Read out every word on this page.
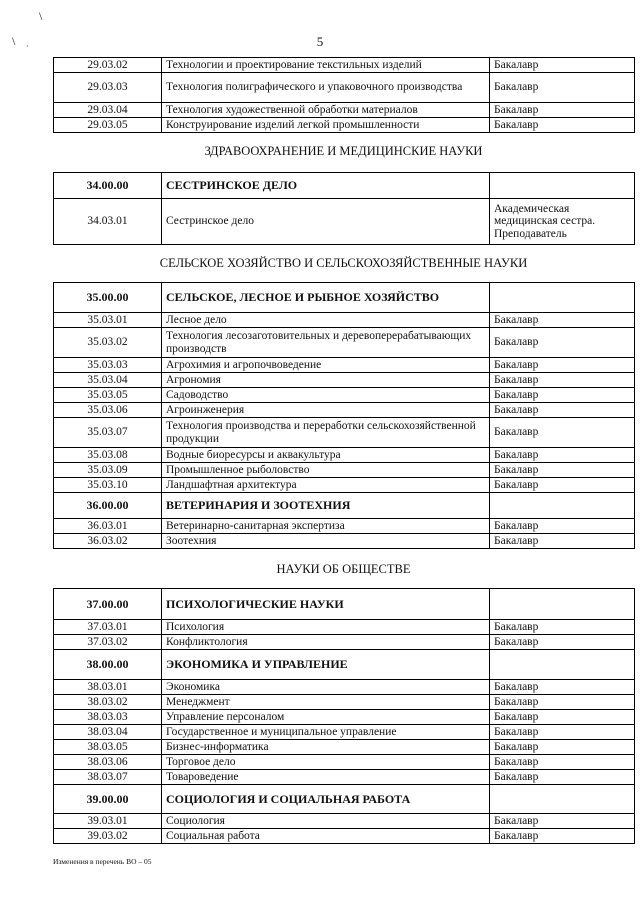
\
\ ·	5
29.03.02	Технологии и проектирование текстильных изделий	Бакалавр
29.03.03	Технология полиграфического и упаковочного производства	Бакалавр
29.03.04	Технология художественной обработки материалов	Бакалавр
29.03.05	Конструирование изделий легкой промышленности	Бакалавр
ЗДРАВООХРАНЕНИЕ И МЕДИЦИНСКИЕ НАУКИ
34.00.00	СЕСТРИНСКОЕ ДЕЛО	
34.03.01	Сестринское дело	Академическая медицинская сестра. Преподаватель
СЕЛЬСКОЕ ХОЗЯЙСТВО И СЕЛЬСКОХОЗЯЙСТВЕННЫЕ НАУКИ
35.00.00	СЕЛЬСКОЕ, ЛЕСНОЕ И РЫБНОЕ ХОЗЯЙСТВО	
35.03.01	Лесное дело	Бакалавр
35.03.02	Технология лесозаготовительных и деревоперерабатывающих производств	Бакалавр
35.03.03	Агрохимия и агропочвоведение	Бакалавр
35.03.04	Агрономия	Бакалавр
35.03.05	Садоводство	Бакалавр
35.03.06	Агроинженерия	Бакалавр
35.03.07	Технология производства и переработки сельскохозяйственной продукции	Бакалавр
35.03.08	Водные биоресурсы и аквакультура	Бакалавр
35.03.09	Промышленное рыболовство	Бакалавр
35.03.10	Ландшафтная архитектура	Бакалавр
36.00.00	ВЕТЕРИНАРИЯ И ЗООТЕХНИЯ	
36.03.01	Ветеринарно-санитарная экспертиза	Бакалавр
36.03.02	Зоотехния	Бакалавр
НАУКИ ОБ ОБЩЕСТВЕ
37.00.00	ПСИХОЛОГИЧЕСКИЕ НАУКИ	
37.03.01	Психология	Бакалавр
37.03.02	Конфликтология	Бакалавр
38.00.00	ЭКОНОМИКА И УПРАВЛЕНИЕ	
38.03.01	Экономика	Бакалавр
38.03.02	Менеджмент	Бакалавр
38.03.03	Управление персоналом	Бакалавр
38.03.04	Государственное и муниципальное управление	Бакалавр
38.03.05	Бизнес-информатика	Бакалавр
38.03.06	Торговое дело	Бакалавр
38.03.07	Товароведение	Бакалавр
39.00.00	СОЦИОЛОГИЯ И СОЦИАЛЬНАЯ РАБОТА	
39.03.01	Социология	Бакалавр
39.03.02	Социальная работа	Бакалавр
Изменения в перечень ВО – 05
